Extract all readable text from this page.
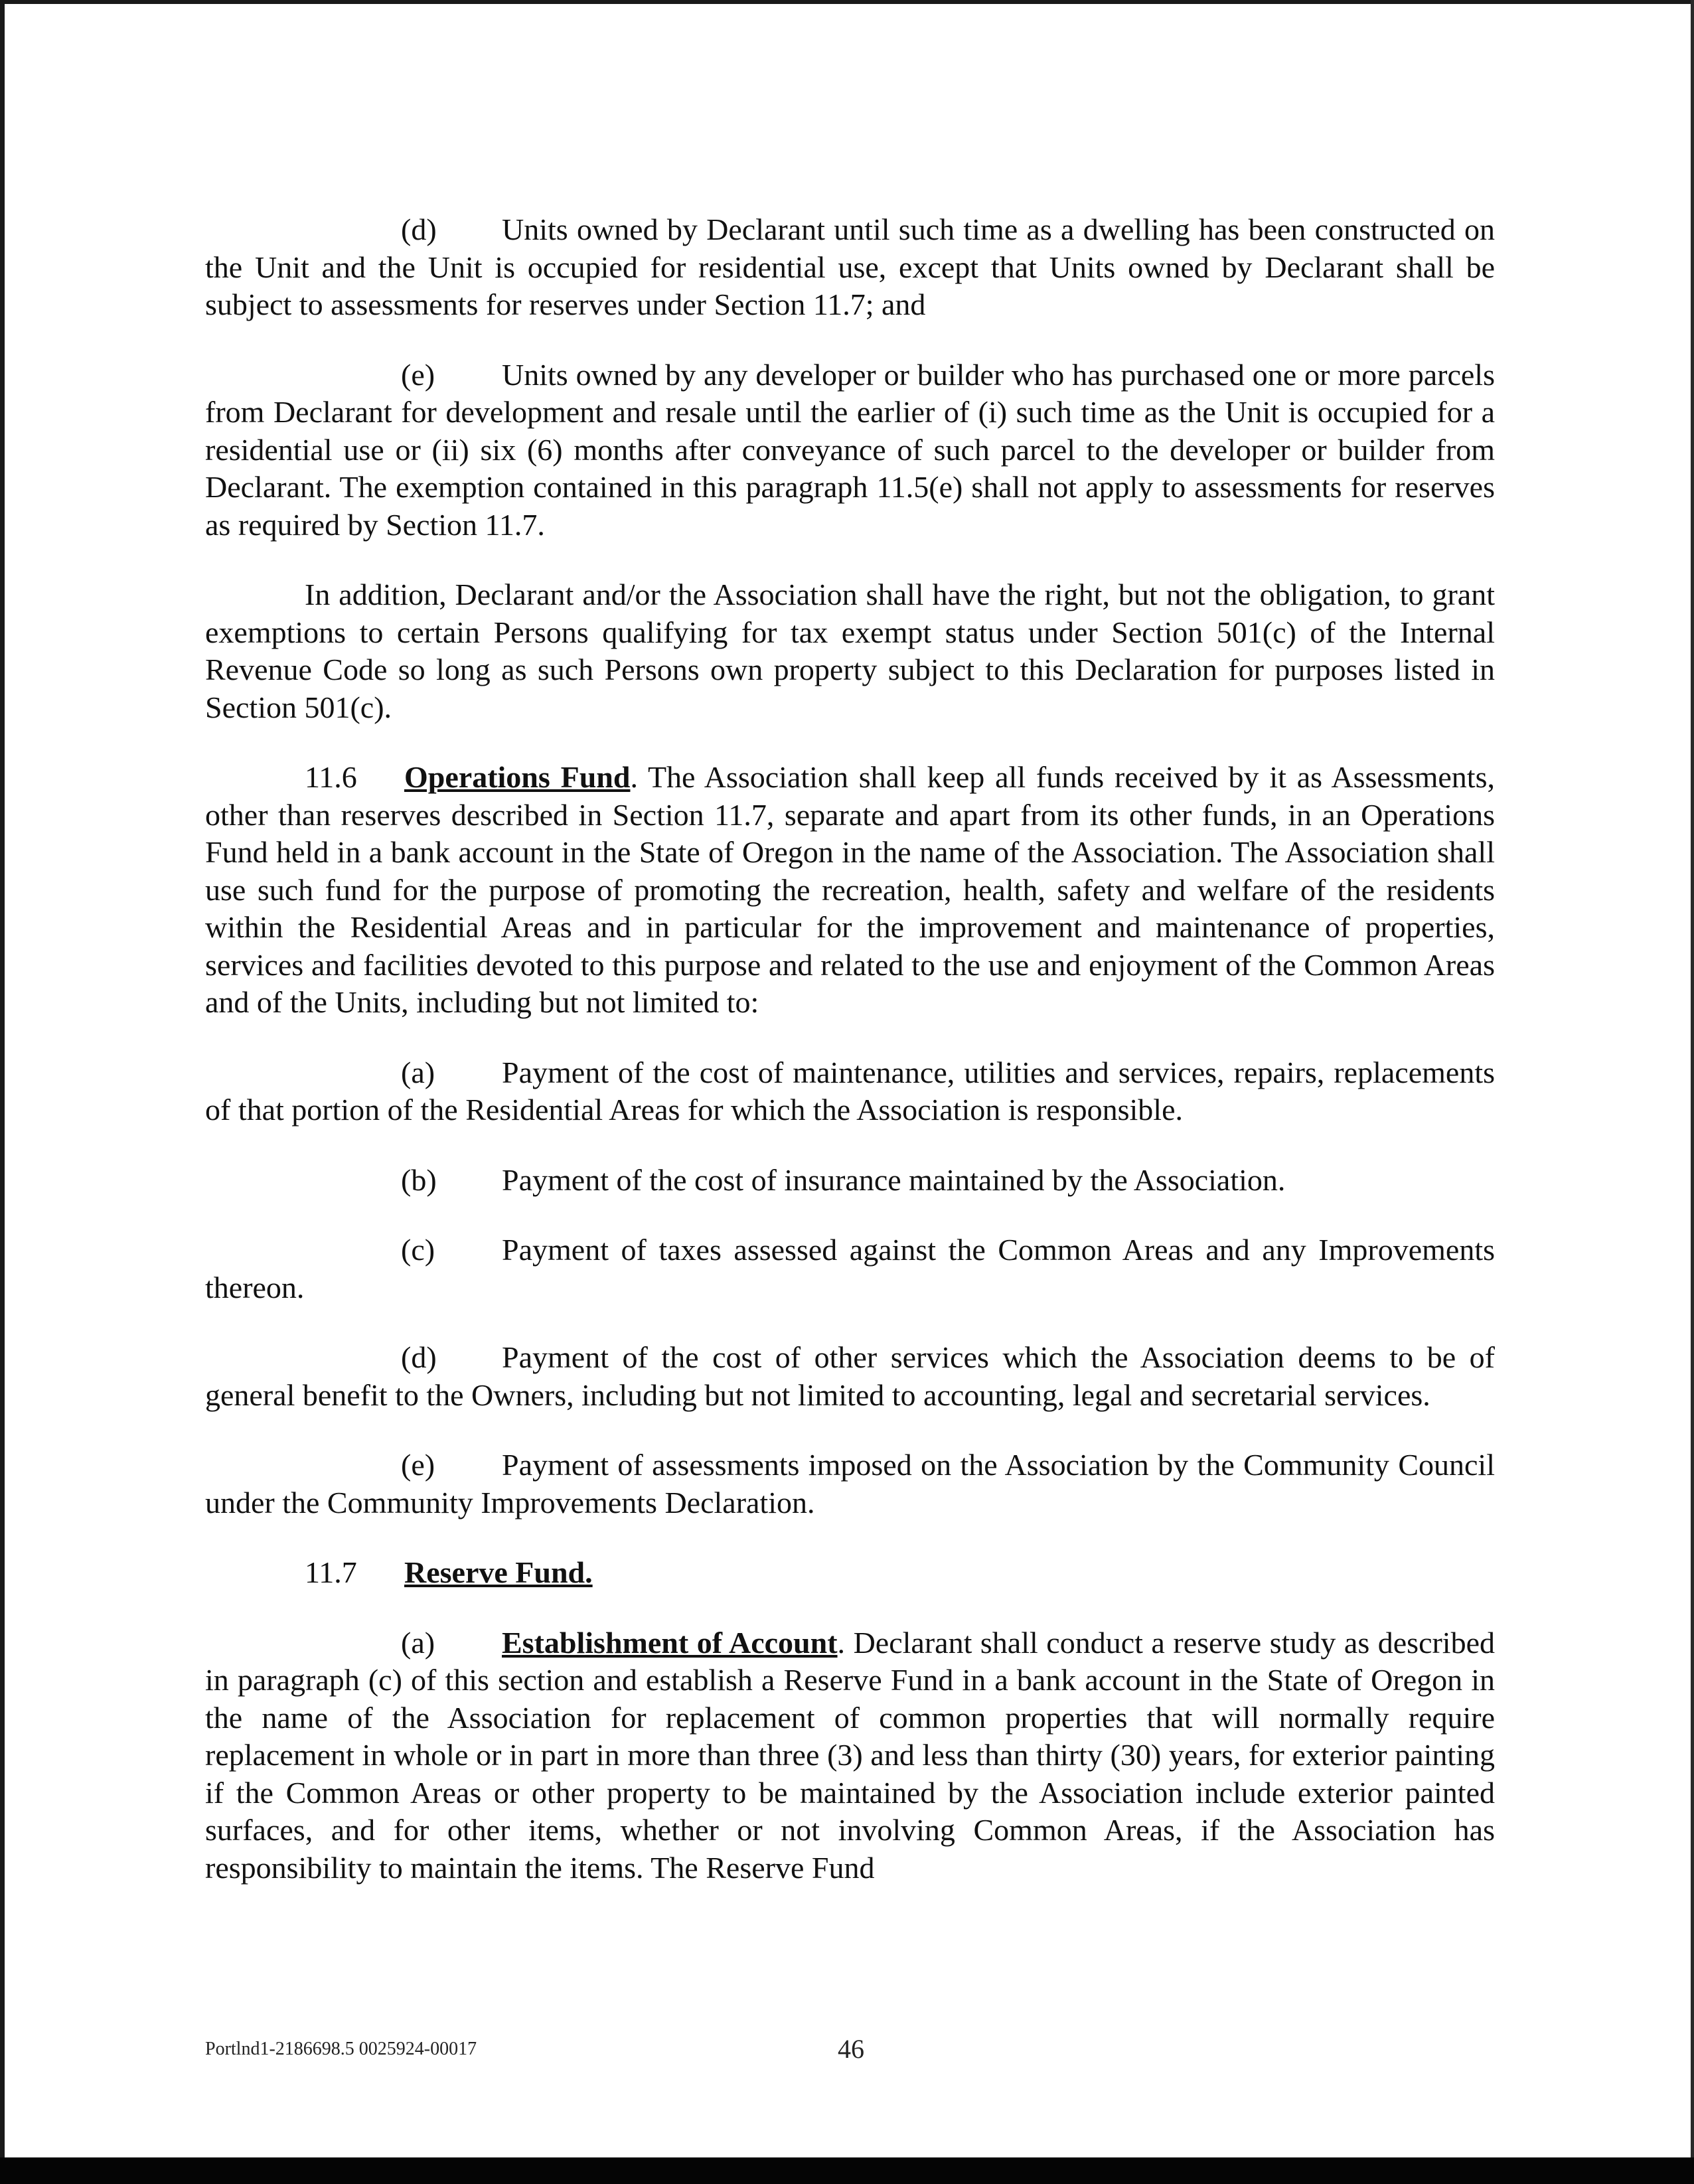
(d) Units owned by Declarant until such time as a dwelling has been constructed on the Unit and the Unit is occupied for residential use, except that Units owned by Declarant shall be subject to assessments for reserves under Section 11.7; and

(e) Units owned by any developer or builder who has purchased one or more parcels from Declarant for development and resale until the earlier of (i) such time as the Unit is occupied for a residential use or (ii) six (6) months after conveyance of such parcel to the developer or builder from Declarant. The exemption contained in this paragraph 11.5(e) shall not apply to assessments for reserves as required by Section 11.7.

In addition, Declarant and/or the Association shall have the right, but not the obligation, to grant exemptions to certain Persons qualifying for tax exempt status under Section 501(c) of the Internal Revenue Code so long as such Persons own property subject to this Declaration for purposes listed in Section 501(c).

11.6 Operations Fund. The Association shall keep all funds received by it as Assessments, other than reserves described in Section 11.7, separate and apart from its other funds, in an Operations Fund held in a bank account in the State of Oregon in the name of the Association. The Association shall use such fund for the purpose of promoting the recreation, health, safety and welfare of the residents within the Residential Areas and in particular for the improvement and maintenance of properties, services and facilities devoted to this purpose and related to the use and enjoyment of the Common Areas and of the Units, including but not limited to:

(a) Payment of the cost of maintenance, utilities and services, repairs, replacements of that portion of the Residential Areas for which the Association is responsible.

(b) Payment of the cost of insurance maintained by the Association.

(c) Payment of taxes assessed against the Common Areas and any Improvements thereon.

(d) Payment of the cost of other services which the Association deems to be of general benefit to the Owners, including but not limited to accounting, legal and secretarial services.

(e) Payment of assessments imposed on the Association by the Community Council under the Community Improvements Declaration.

11.7 Reserve Fund.

(a) Establishment of Account. Declarant shall conduct a reserve study as described in paragraph (c) of this section and establish a Reserve Fund in a bank account in the State of Oregon in the name of the Association for replacement of common properties that will normally require replacement in whole or in part in more than three (3) and less than thirty (30) years, for exterior painting if the Common Areas or other property to be maintained by the Association include exterior painted surfaces, and for other items, whether or not involving Common Areas, if the Association has responsibility to maintain the items. The Reserve Fund

Portlnd1-2186698.5 0025924-00017	46
